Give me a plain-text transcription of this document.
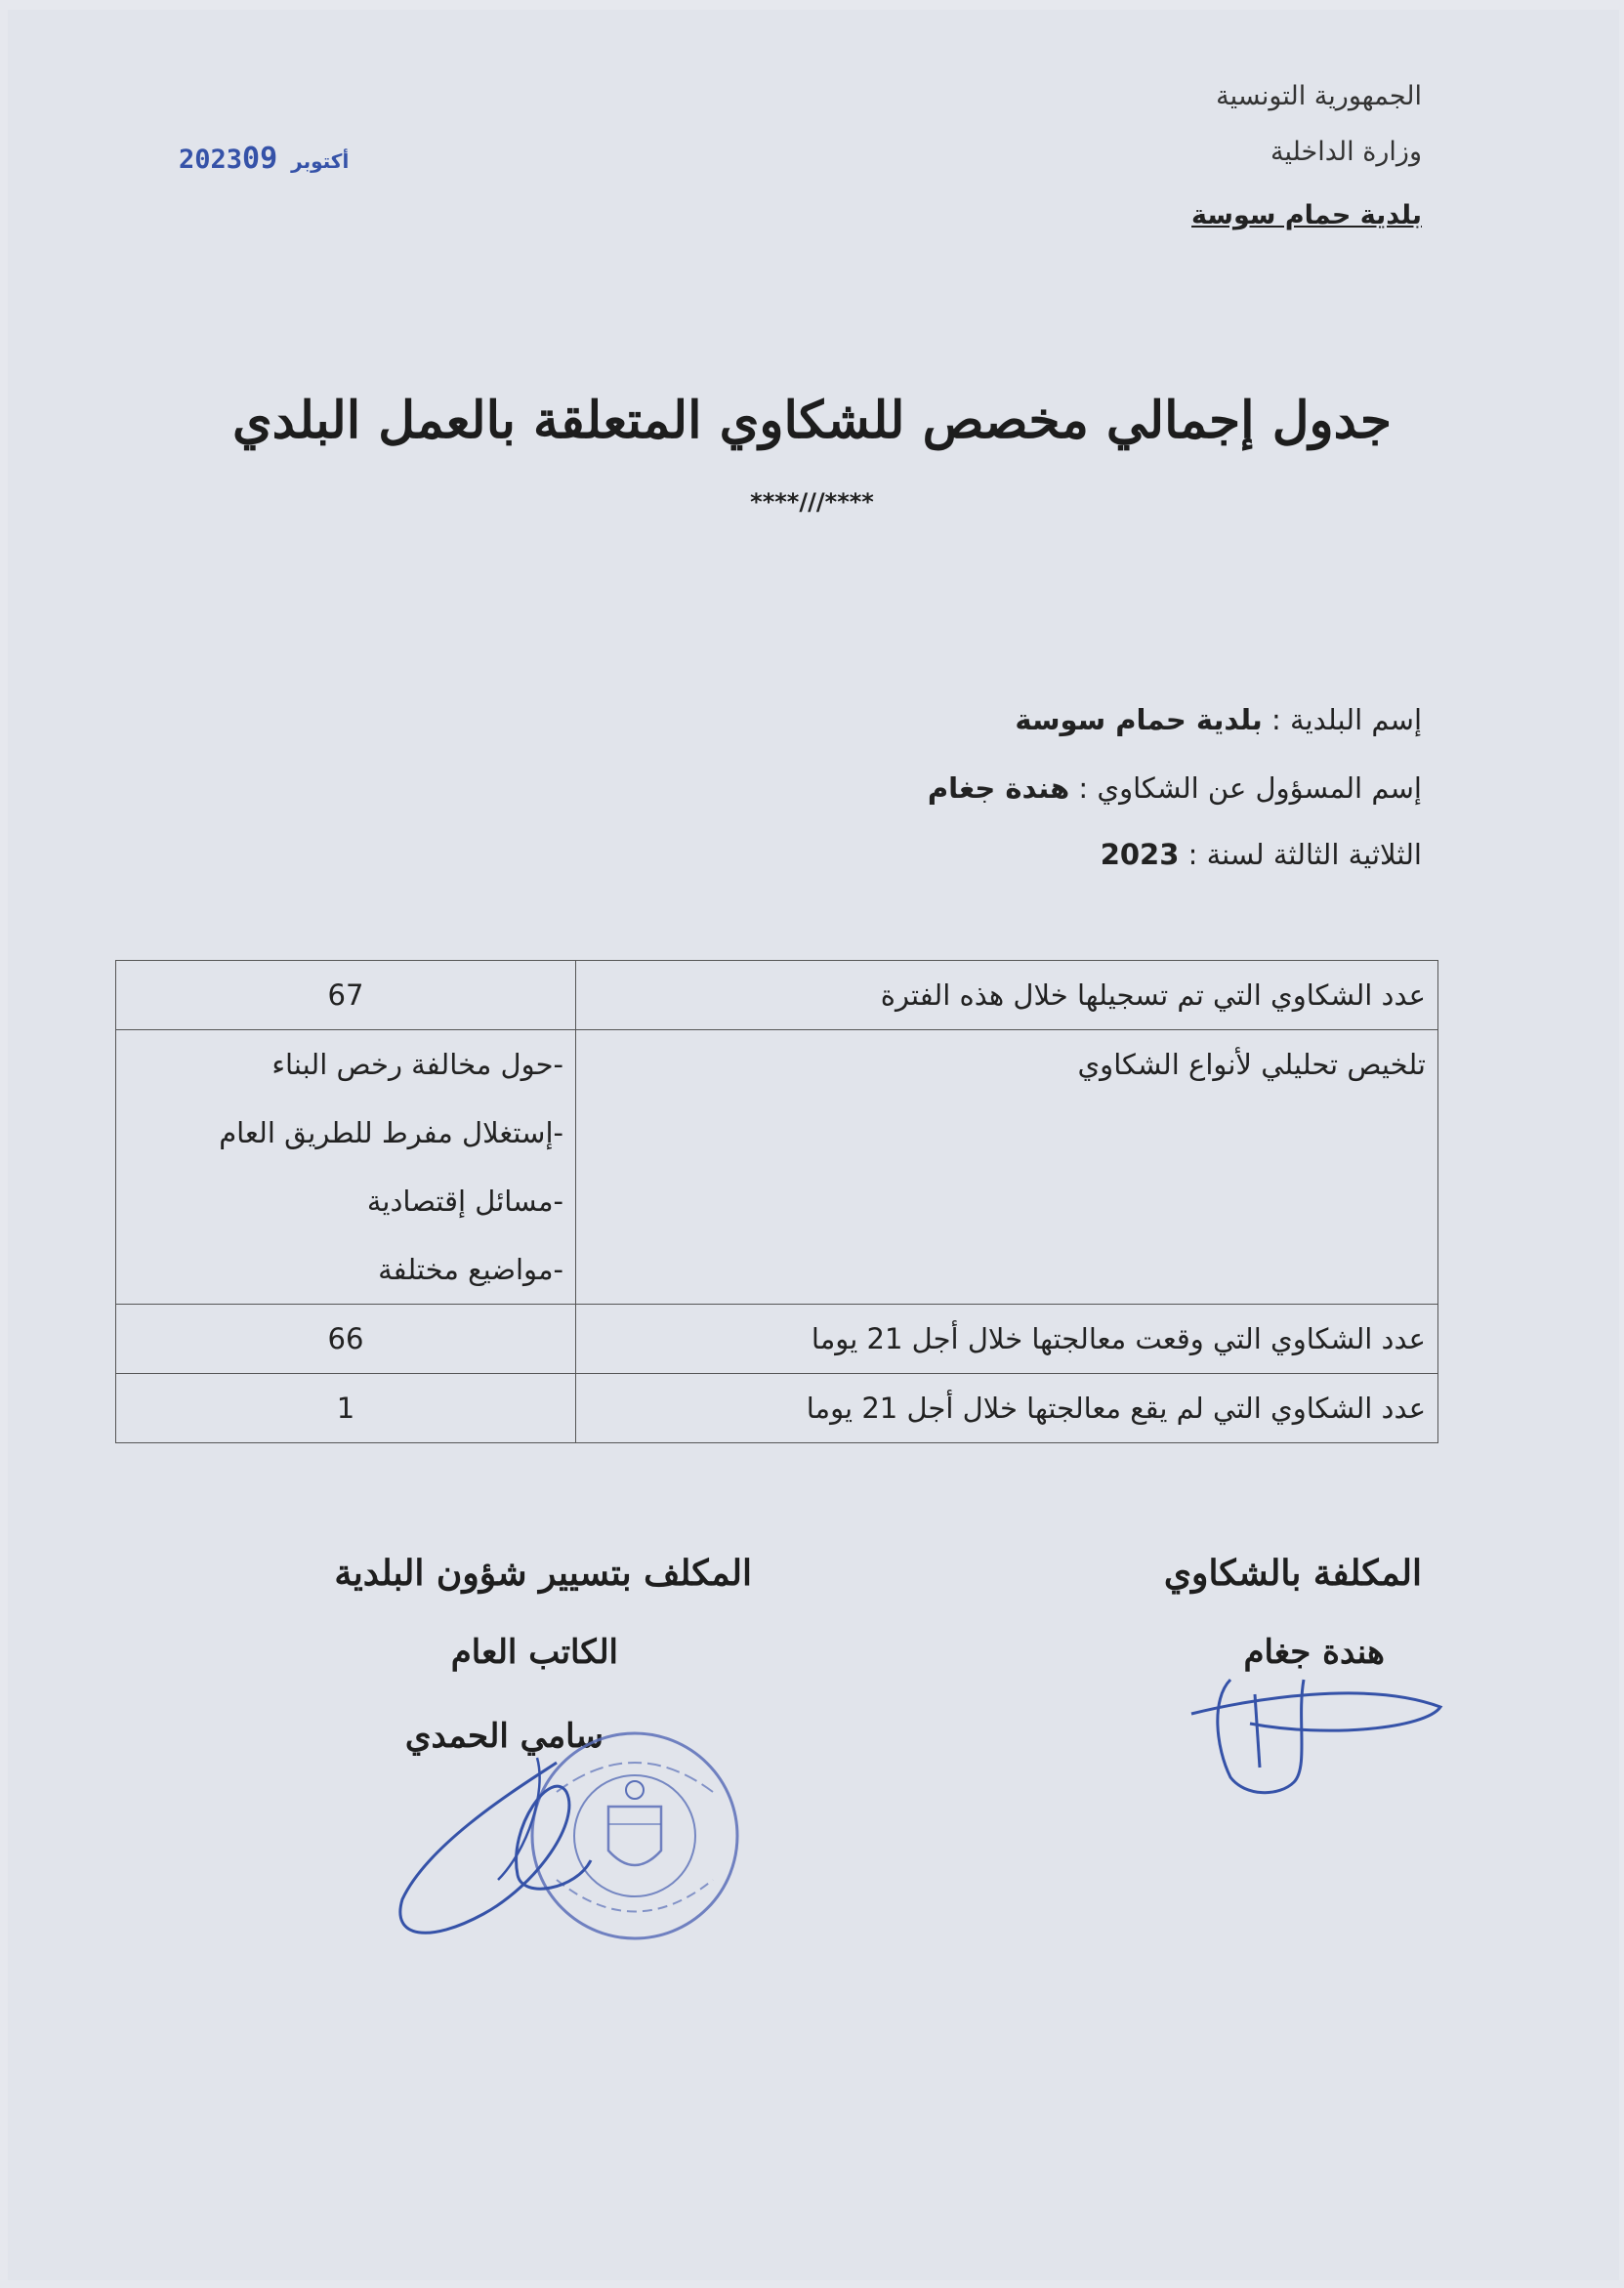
الجمهورية التونسية
وزارة الداخلية
بلدية حمام سوسة
2023	أكتوبر09
جدول إجمالي مخصص للشكاوي المتعلقة بالعمل البلدي
****///****
إسم البلدية : بلدية حمام سوسة
إسم المسؤول عن الشكاوي : هندة جغام
الثلاثية الثالثة لسنة : 2023
عدد الشكاوي التي تم تسجيلها خلال هذه الفترة	67
تلخيص تحليلي لأنواع الشكاوي	-حول مخالفة رخص البناء
-إستغلال مفرط للطريق العام
-مسائل إقتصادية
-مواضيع مختلفة

عدد الشكاوي التي وقعت معالجتها خلال أجل 21 يوما	66
عدد الشكاوي التي لم يقع معالجتها خلال أجل 21 يوما	1
المكلفة بالشكاوي
هندة جغام
المكلف بتسيير شؤون البلدية
الكاتب العام
سامي الحمدي
